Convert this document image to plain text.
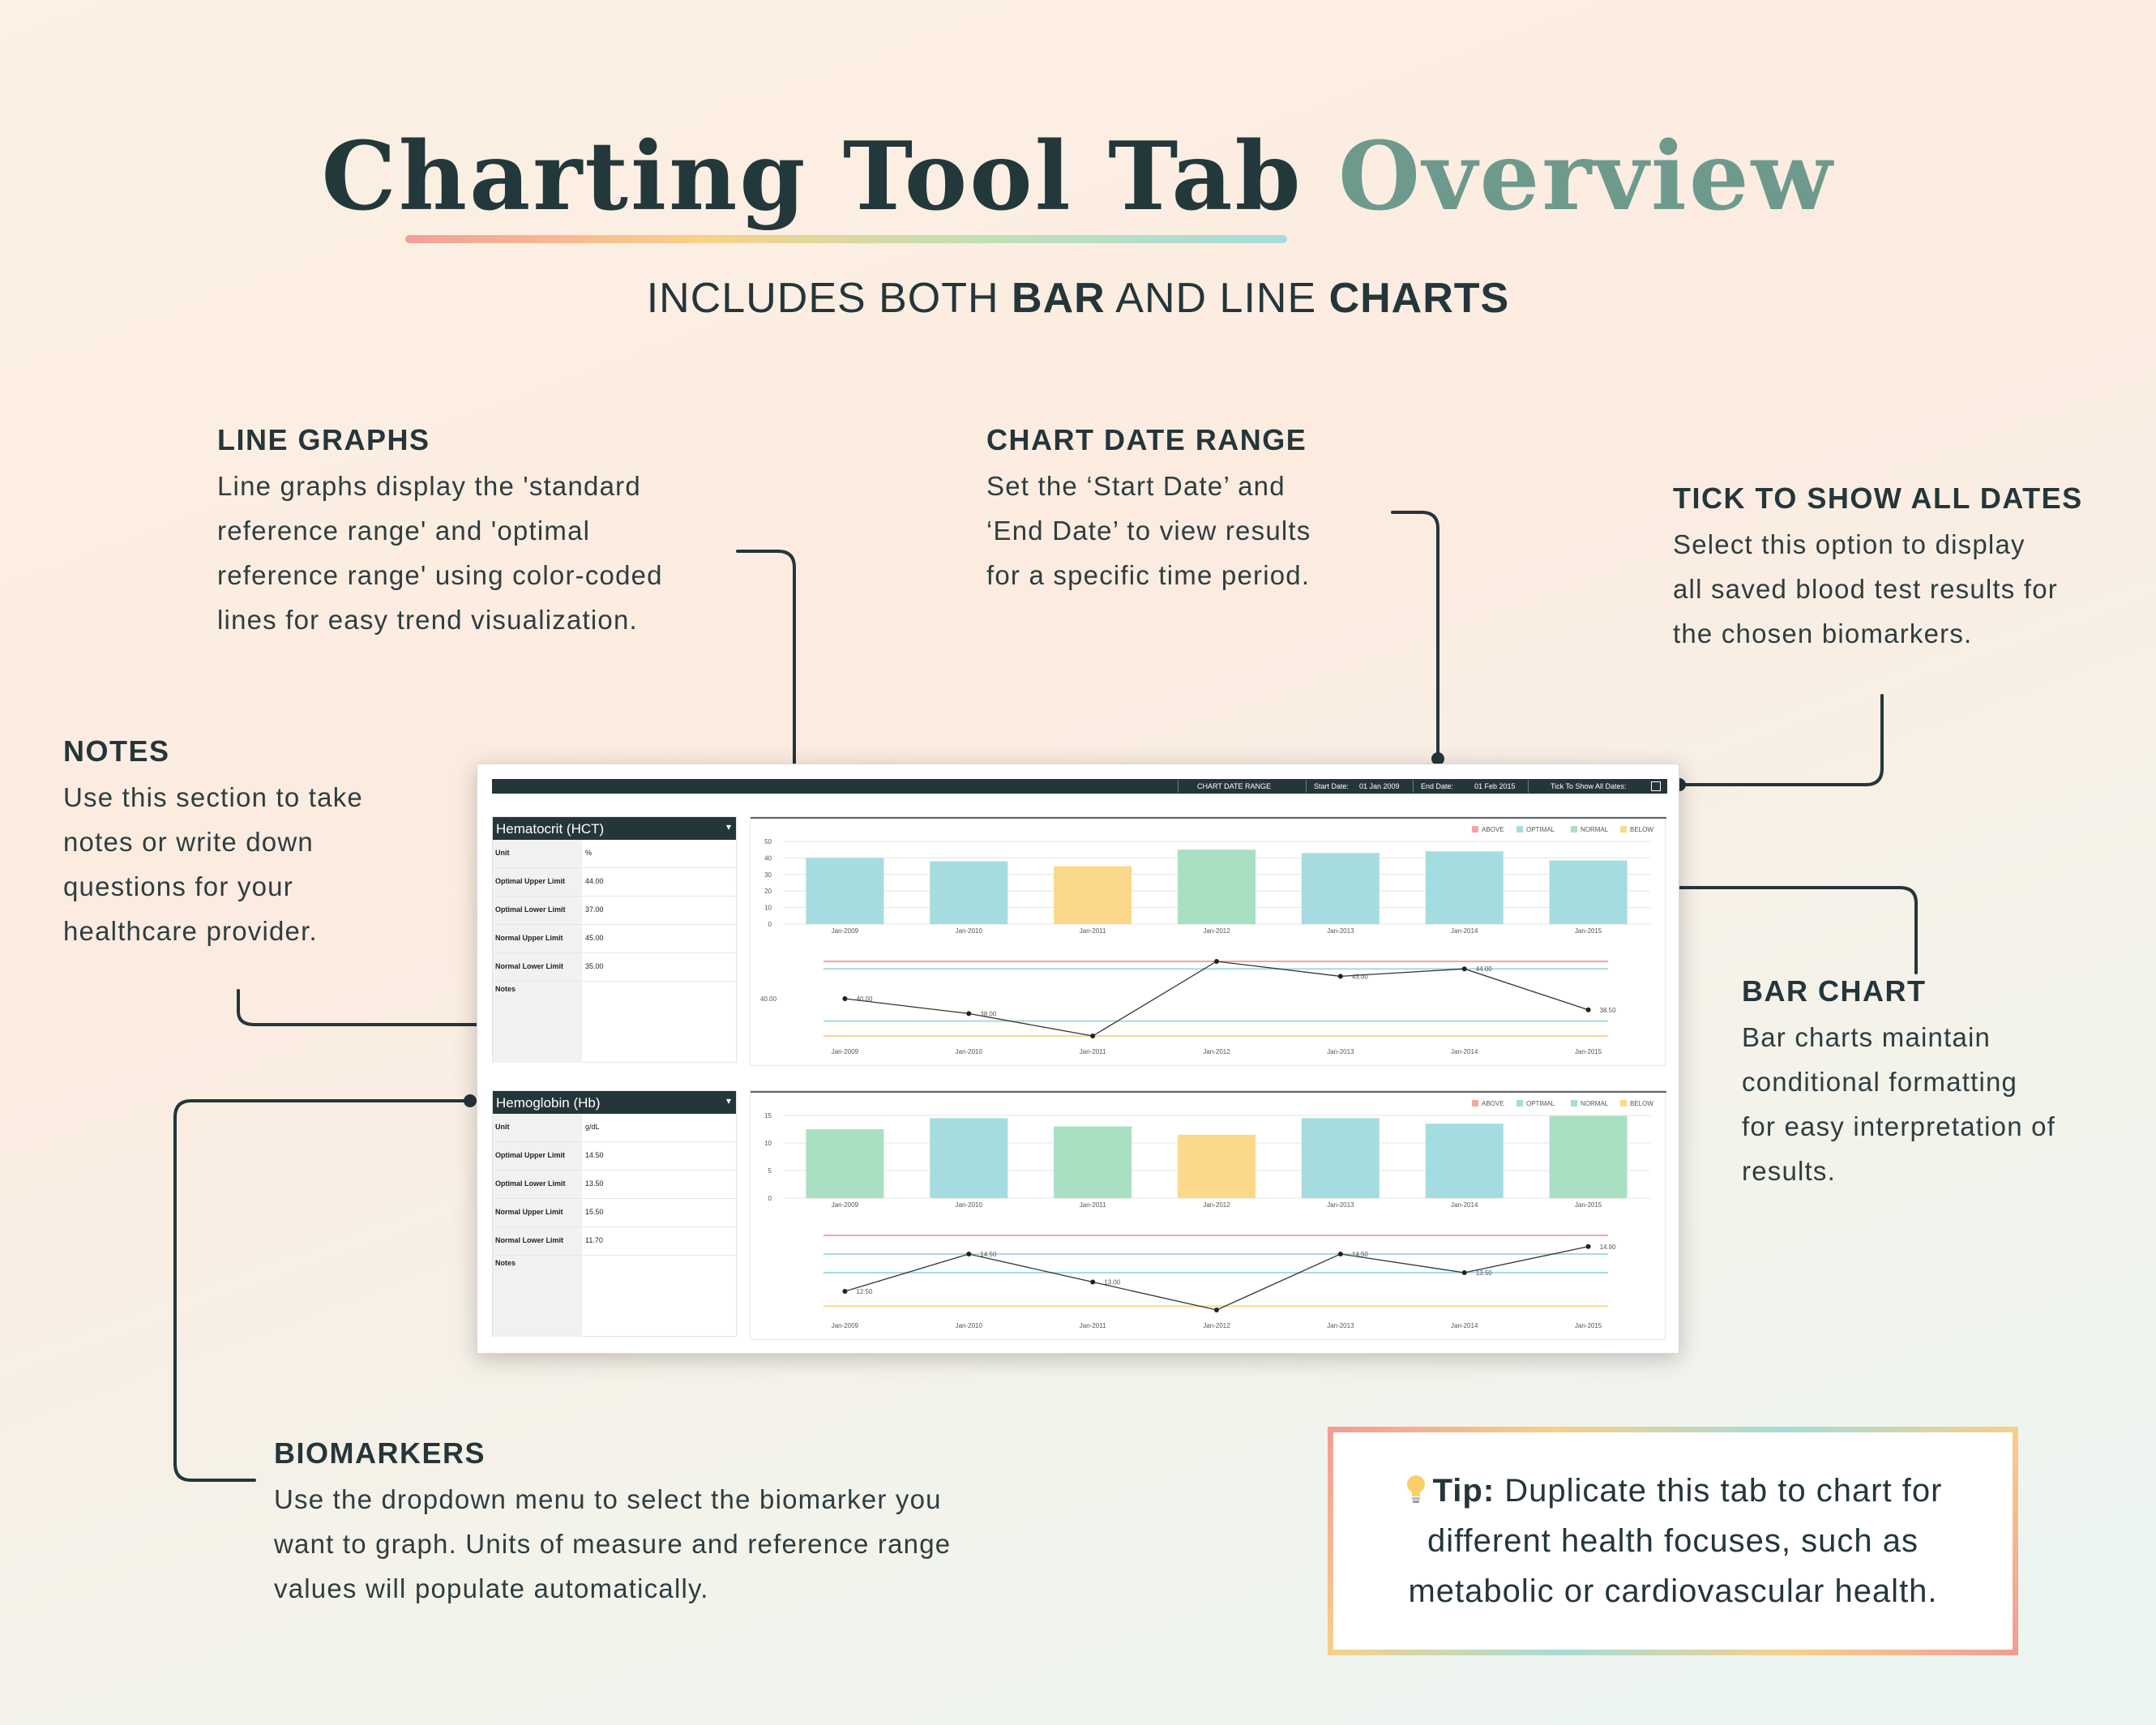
Charting Tool Tab Overview
INCLUDES BOTH BAR AND LINE CHARTS
LINE GRAPHS

Line graphs display the 'standard

reference range' and 'optimal

reference range' using color-coded

lines for easy trend visualization.

CHART DATE RANGE

Set the ‘Start Date’ and

‘End Date’ to view results

for a specific time period.

TICK TO SHOW ALL DATES

Select this option to display

all saved blood test results for

the chosen biomarkers.

NOTES

Use this section to take

notes or write down

questions for your

healthcare provider.

BAR CHART

Bar charts maintain

conditional formatting

for easy interpretation of

results.

BIOMARKERS

Use the dropdown menu to select the biomarker you

want to graph. Units of measure and reference range

values will populate automatically.

CHART DATE RANGE	Start Date: 01 Jan 2009	End Date:	01 Feb 2015	Tick To Show All Dates:
Hematocrit (HCT)	▾
Unit	%
Optimal Upper Limit	44.00
Optimal Lower Limit	37.00
Normal Upper Limit	45.00
Normal Lower Limit	35.00
Notes
Hemoglobin (Hb)	▾
Unit	g/dL
Optimal Upper Limit	14.50
Optimal Lower Limit	13.50
Normal Upper Limit	15.50
Normal Lower Limit	11.70
Notes
0
10
20
30
40
50
Jan-2009	Jan-2010	Jan-2011	Jan-2012	Jan-2013	Jan-2014	Jan-2015
ABOVE	OPTIMAL	NORMAL	BELOW
40.00	40.00
Jan-2009
38.00
Jan-2010	Jan-2011	Jan-2012
43.00
Jan-2013
44.00
Jan-2014
38.50
Jan-2015
0
5
10
15
Jan-2009	Jan-2010	Jan-2011	Jan-2012	Jan-2013	Jan-2014	Jan-2015
ABOVE	OPTIMAL	NORMAL	BELOW
12.50
Jan-2009
14.50
Jan-2010
13.00
Jan-2011	Jan-2012
14.50
Jan-2013
13.50
Jan-2014
14.90
Jan-2015
Tip: Duplicate this tab to chart for
different health focuses, such as
metabolic or cardiovascular health.
